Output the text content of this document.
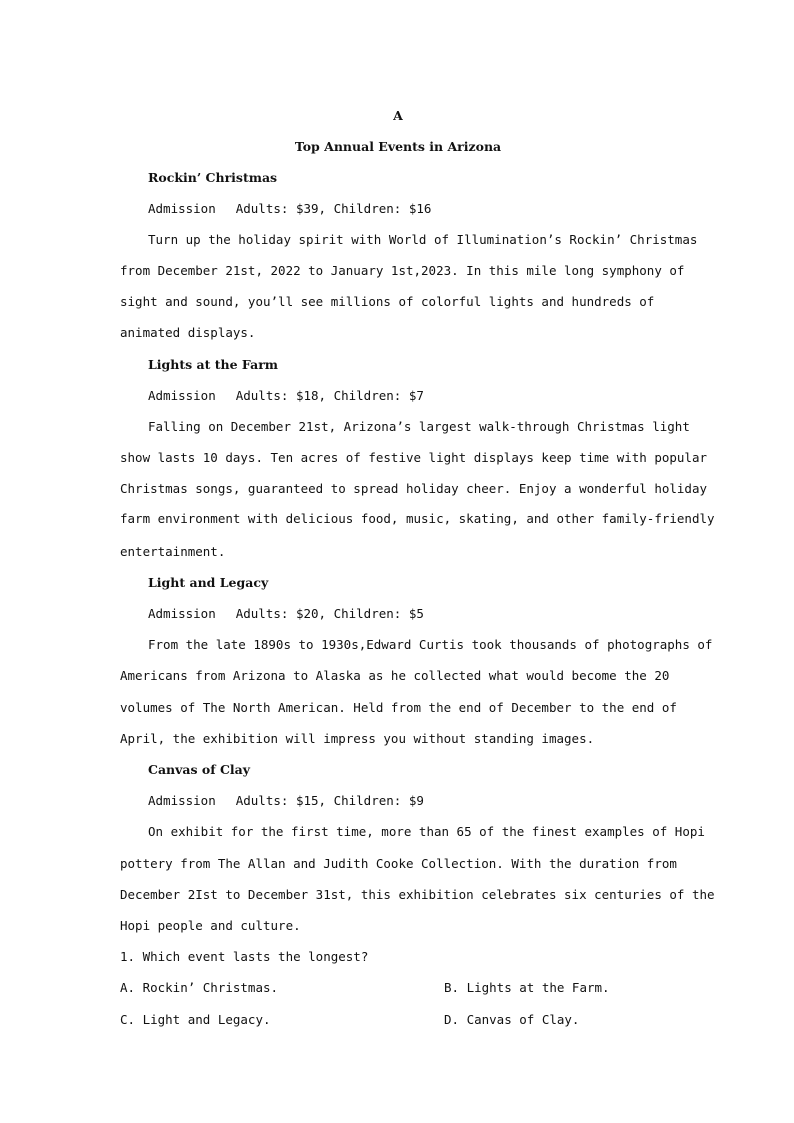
A
Top Annual Events in Arizona
Rockin’ Christmas
Admission Adults: $39, Children: $16
Turn up the holiday spirit with World of Illumination’s Rockin’ Christmas
from December 21st, 2022 to January 1st,2023. In this mile long symphony of
sight and sound, you’ll see millions of colorful lights and hundreds of
animated displays.
Lights at the Farm
Admission Adults: $18, Children: $7
Falling on December 21st, Arizona’s largest walk-through Christmas light
show lasts 10 days. Ten acres of festive light displays keep time with popular
Christmas songs, guaranteed to spread holiday cheer. Enjoy a wonderful holiday
farm environment with delicious food, music, skating, and other family-friendly
entertainment.
Light and Legacy
Admission Adults: $20, Children: $5
From the late 1890s to 1930s,Edward Curtis took thousands of photographs of
Americans from Arizona to Alaska as he collected what would become the 20
volumes of The North American. Held from the end of December to the end of
April, the exhibition will impress you without standing images.
Canvas of Clay
Admission Adults: $15, Children: $9
On exhibit for the first time, more than 65 of the finest examples of Hopi
pottery from The Allan and Judith Cooke Collection. With the duration from
December 2Ist to December 31st, this exhibition celebrates six centuries of the
Hopi people and culture.
1. Which event lasts the longest?
A. Rockin’ Christmas.	B. Lights at the Farm.
C. Light and Legacy.	D. Canvas of Clay.
